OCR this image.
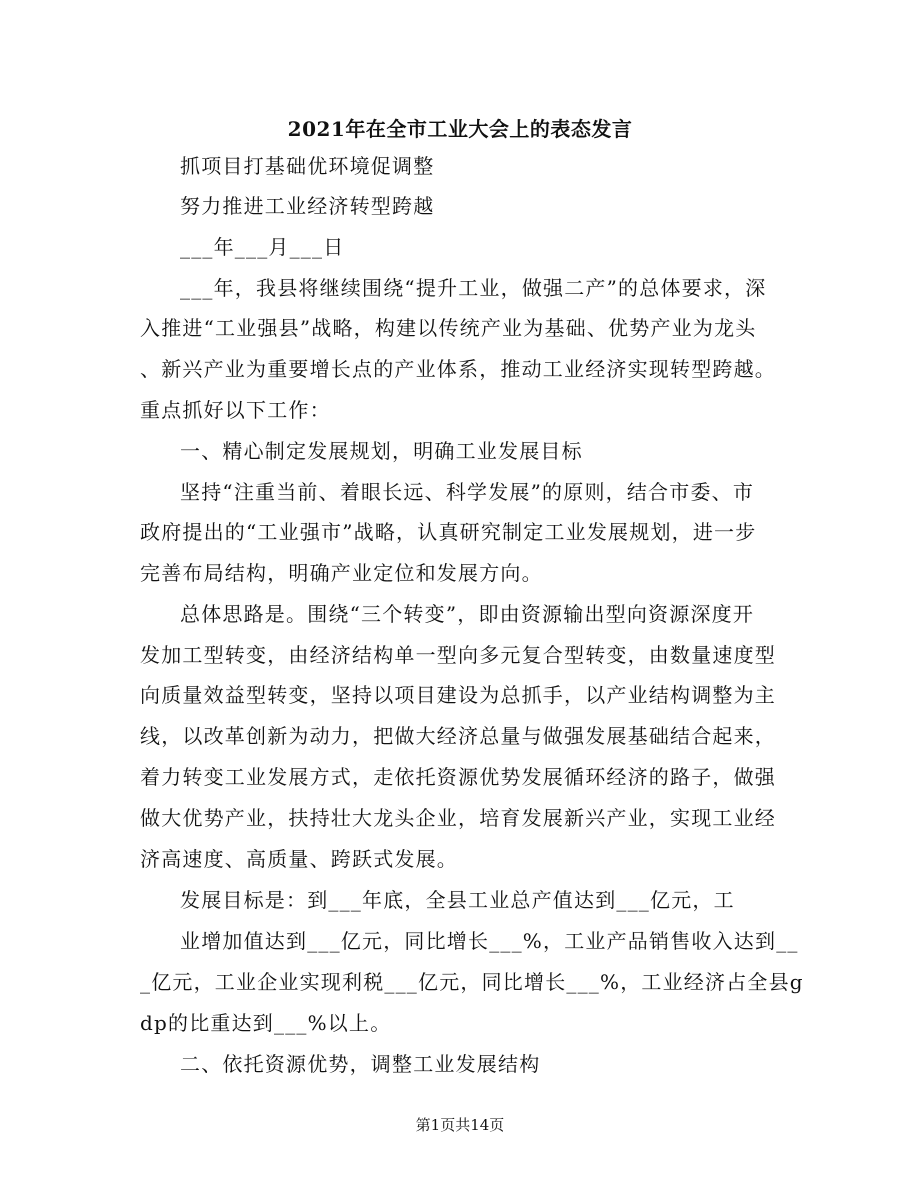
2021年在全市工业大会上的表态发言
抓项目打基础优环境促调整
努力推进工业经济转型跨越
___年___月___日
___年，我县将继续围绕“提升工业，做强二产”的总体要求，深
入推进“工业强县”战略，构建以传统产业为基础、优势产业为龙头
、新兴产业为重要增长点的产业体系，推动工业经济实现转型跨越。
重点抓好以下工作：
一、精心制定发展规划，明确工业发展目标
坚持“注重当前、着眼长远、科学发展”的原则，结合市委、市
政府提出的“工业强市”战略，认真研究制定工业发展规划，进一步
完善布局结构，明确产业定位和发展方向。
总体思路是。围绕“三个转变”，即由资源输出型向资源深度开
发加工型转变，由经济结构单一型向多元复合型转变，由数量速度型
向质量效益型转变，坚持以项目建设为总抓手，以产业结构调整为主
线，以改革创新为动力，把做大经济总量与做强发展基础结合起来，
着力转变工业发展方式，走依托资源优势发展循环经济的路子，做强
做大优势产业，扶持壮大龙头企业，培育发展新兴产业，实现工业经
济高速度、高质量、跨跃式发展。
发展目标是：到___年底，全县工业总产值达到___亿元，工
业增加值达到___亿元，同比增长___%，工业产品销售收入达到__
_亿元，工业企业实现利税___亿元，同比增长___%，工业经济占全县g
dp的比重达到___%以上。
二、依托资源优势，调整工业发展结构
第1页共14页
